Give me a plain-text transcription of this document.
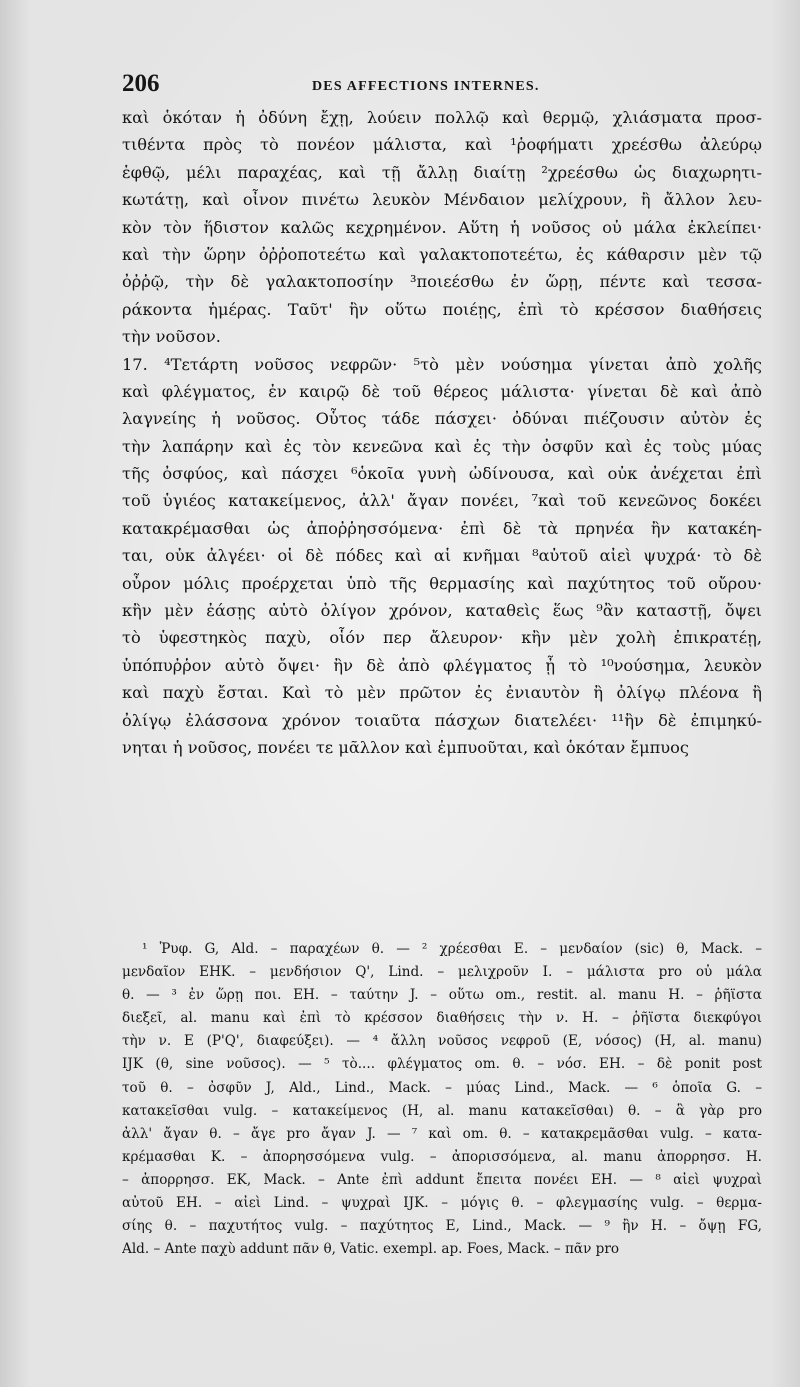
206	DES AFFECTIONS INTERNES.
καὶ ὁκόταν ἡ ὀδύνη ἔχῃ, λούειν πολλῷ καὶ θερμῷ, χλιάσματα προσ-
τιθέντα πρὸς τὸ πονέον μάλιστα, καὶ ¹ῥοφήματι χρεέσθω ἀλεύρῳ
ἑφθῷ, μέλι παραχέας, καὶ τῇ ἄλλῃ διαίτῃ ²χρεέσθω ὡς διαχωρητι-
κωτάτῃ, καὶ οἶνον πινέτω λευκὸν Μένδαιον μελίχρουν, ἢ ἄλλον λευ-
κὸν τὸν ἥδιστον καλῶς κεχρημένον. Αὕτη ἡ νοῦσος οὐ μάλα ἐκλείπει·
καὶ τὴν ὥρην ὀῤῥοποτεέτω καὶ γαλακτοποτεέτω, ἐς κάθαρσιν μὲν τῷ
ὀῤῥῷ, τὴν δὲ γαλακτοποσίην ³ποιεέσθω ἐν ὥρῃ, πέντε καὶ τεσσα-
ράκοντα ἡμέρας. Ταῦτ' ἢν οὕτω ποιέῃς, ἐπὶ τὸ κρέσσον διαθήσεις
τὴν νοῦσον.
17. ⁴Τετάρτη νοῦσος νεφρῶν· ⁵τὸ μὲν νούσημα γίνεται ἀπὸ χολῆς
καὶ φλέγματος, ἐν καιρῷ δὲ τοῦ θέρεος μάλιστα· γίνεται δὲ καὶ ἀπὸ
λαγνείης ἡ νοῦσος. Οὗτος τάδε πάσχει· ὀδύναι πιέζουσιν αὐτὸν ἐς
τὴν λαπάρην καὶ ἐς τὸν κενεῶνα καὶ ἐς τὴν ὀσφῦν καὶ ἐς τοὺς μύας
τῆς ὀσφύος, καὶ πάσχει ⁶ὁκοῖα γυνὴ ὠδίνουσα, καὶ οὐκ ἀνέχεται ἐπὶ
τοῦ ὑγιέος κατακείμενος, ἀλλ' ἄγαν πονέει, ⁷καὶ τοῦ κενεῶνος δοκέει
κατακρέμασθαι ὡς ἀποῤῥησσόμενα· ἐπὶ δὲ τὰ πρηνέα ἢν κατακέη-
ται, οὐκ ἀλγέει· οἱ δὲ πόδες καὶ αἱ κνῆμαι ⁸αὐτοῦ αἰεὶ ψυχρά· τὸ δὲ
οὖρον μόλις προέρχεται ὑπὸ τῆς θερμασίης καὶ παχύτητος τοῦ οὔρου·
κἢν μὲν ἐάσῃς αὐτὸ ὀλίγον χρόνον, καταθεὶς ἕως ⁹ἂν καταστῇ, ὄψει
τὸ ὑφεστηκὸς παχὺ, οἷόν περ ἄλευρον· κἢν μὲν χολὴ ἐπικρατέῃ,
ὑπόπυῤῥον αὐτὸ ὄψει· ἢν δὲ ἀπὸ φλέγματος ᾖ τὸ ¹⁰νούσημα, λευκὸν
καὶ παχὺ ἔσται. Καὶ τὸ μὲν πρῶτον ἐς ἐνιαυτὸν ἢ ὀλίγῳ πλέονα ἢ
ὀλίγῳ ἐλάσσονα χρόνον τοιαῦτα πάσχων διατελέει· ¹¹ἢν δὲ ἐπιμηκύ-
νηται ἡ νοῦσος, πονέει τε μᾶλλον καὶ ἐμπυοῦται, καὶ ὁκόταν ἔμπυος
¹ Ῥυφ. G, Ald. – παραχέων θ. — ² χρέεσθαι E. – μενδαίον (sic) θ, Mack. –
μενδαῖον EHK. – μενδήσιον Q', Lind. – μελιχροῦν I. – μάλιστα pro οὐ μάλα
θ. — ³ ἐν ὥρῃ ποι. EH. – ταύτην J. – οὕτω om., restit. al. manu H. – ῥῆϊστα
διεξεῖ, al. manu καὶ ἐπὶ τὸ κρέσσον διαθήσεις τὴν ν. H. – ῥῆϊστα διεκφύγοι
τὴν ν. E (P'Q', διαφεύξει). — ⁴ ἄλλη νοῦσος νεφροῦ (E, νόσος) (H, al. manu)
IJK (θ, sine νοῦσος). — ⁵ τὸ.... φλέγματος om. θ. – νόσ. EH. – δὲ ponit post
τοῦ θ. – ὀσφῦν J, Ald., Lind., Mack. – μύας Lind., Mack. — ⁶ ὁποῖα G. –
κατακεῖσθαι vulg. – κατακείμενος (H, al. manu κατακεῖσθαι) θ. – ἃ γὰρ pro
ἀλλ' ἄγαν θ. – ἄγε pro ἄγαν J. — ⁷ καὶ om. θ. – κατακρεμᾶσθαι vulg. – κατα-
κρέμασθαι K. – ἀπορησσόμενα vulg. – ἀπορισσόμενα, al. manu ἀπορρησσ. H.
– ἀπορρησσ. EK, Mack. – Ante ἐπὶ addunt ἔπειτα πονέει EH. — ⁸ αἰεὶ ψυχραὶ
αὐτοῦ EH. – αἰεὶ Lind. – ψυχραὶ IJK. – μόγις θ. – φλεγμασίης vulg. – θερμα-
σίης θ. – παχυτήτος vulg. – παχύτητος E, Lind., Mack. — ⁹ ἢν H. – ὄψῃ FG,
Ald. – Ante παχὺ addunt πᾶν θ, Vatic. exempl. ap. Foes, Mack. – πᾶν pro
